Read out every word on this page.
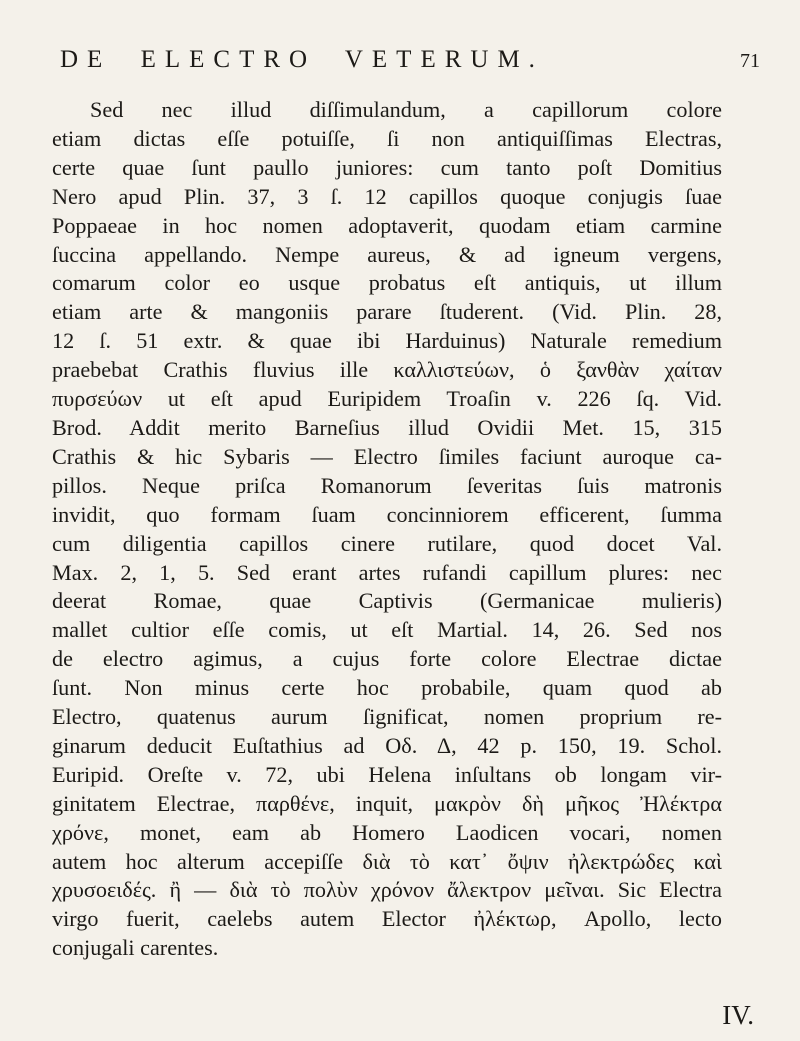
DE ELECTRO VETERUM.	71
Sed nec illud diſſimulandum, a capillorum colore
etiam dictas eſſe potuiſſe, ſi non antiquiſſimas Electras,
certe quae ſunt paullo juniores: cum tanto poſt Domitius
Nero apud Plin. 37, 3 ſ. 12 capillos quoque conjugis ſuae
Poppaeae in hoc nomen adoptaverit, quodam etiam carmine
ſuccina appellando. Nempe aureus, & ad igneum vergens,
comarum color eo usque probatus eſt antiquis, ut illum
etiam arte & mangoniis parare ſtuderent. (Vid. Plin. 28,
12 ſ. 51 extr. & quae ibi Harduinus) Naturale remedium
praebebat Crathis fluvius ille καλλιστεύων, ὁ ξανθὰν χαίταν
πυρσεύων ut eſt apud Euripidem Troaſin v. 226 ſq. Vid.
Brod. Addit merito Barneſius illud Ovidii Met. 15, 315
Crathis & hic Sybaris — Electro ſimiles faciunt auroque ca-
pillos. Neque priſca Romanorum ſeveritas ſuis matronis
invidit, quo formam ſuam concinniorem efficerent, ſumma
cum diligentia capillos cinere rutilare, quod docet Val.
Max. 2, 1, 5. Sed erant artes rufandi capillum plures: nec
deerat Romae, quae Captivis (Germanicae mulieris)
mallet cultior eſſe comis, ut eſt Martial. 14, 26. Sed nos
de electro agimus, a cujus forte colore Electrae dictae
ſunt. Non minus certe hoc probabile, quam quod ab
Electro, quatenus aurum ſignificat, nomen proprium re-
ginarum deducit Euſtathius ad Οδ. Δ, 42 p. 150, 19. Schol.
Euripid. Oreſte v. 72, ubi Helena inſultans ob longam vir-
ginitatem Electrae, παρθένε, inquit, μακρὸν δὴ μῆκος Ἠλέκτρα
χρόνε, monet, eam ab Homero Laodicen vocari, nomen
autem hoc alterum accepiſſe διὰ τὸ κατ᾽ ὄψιν ἠλεκτρώδες καὶ
χρυσοειδές. ἢ — διὰ τὸ πολὺν χρόνον ἄλεκτρον μεῖναι. Sic Electra
virgo fuerit, caelebs autem Elector ἠλέκτωρ, Apollo, lecto
conjugali carentes.
IV.
